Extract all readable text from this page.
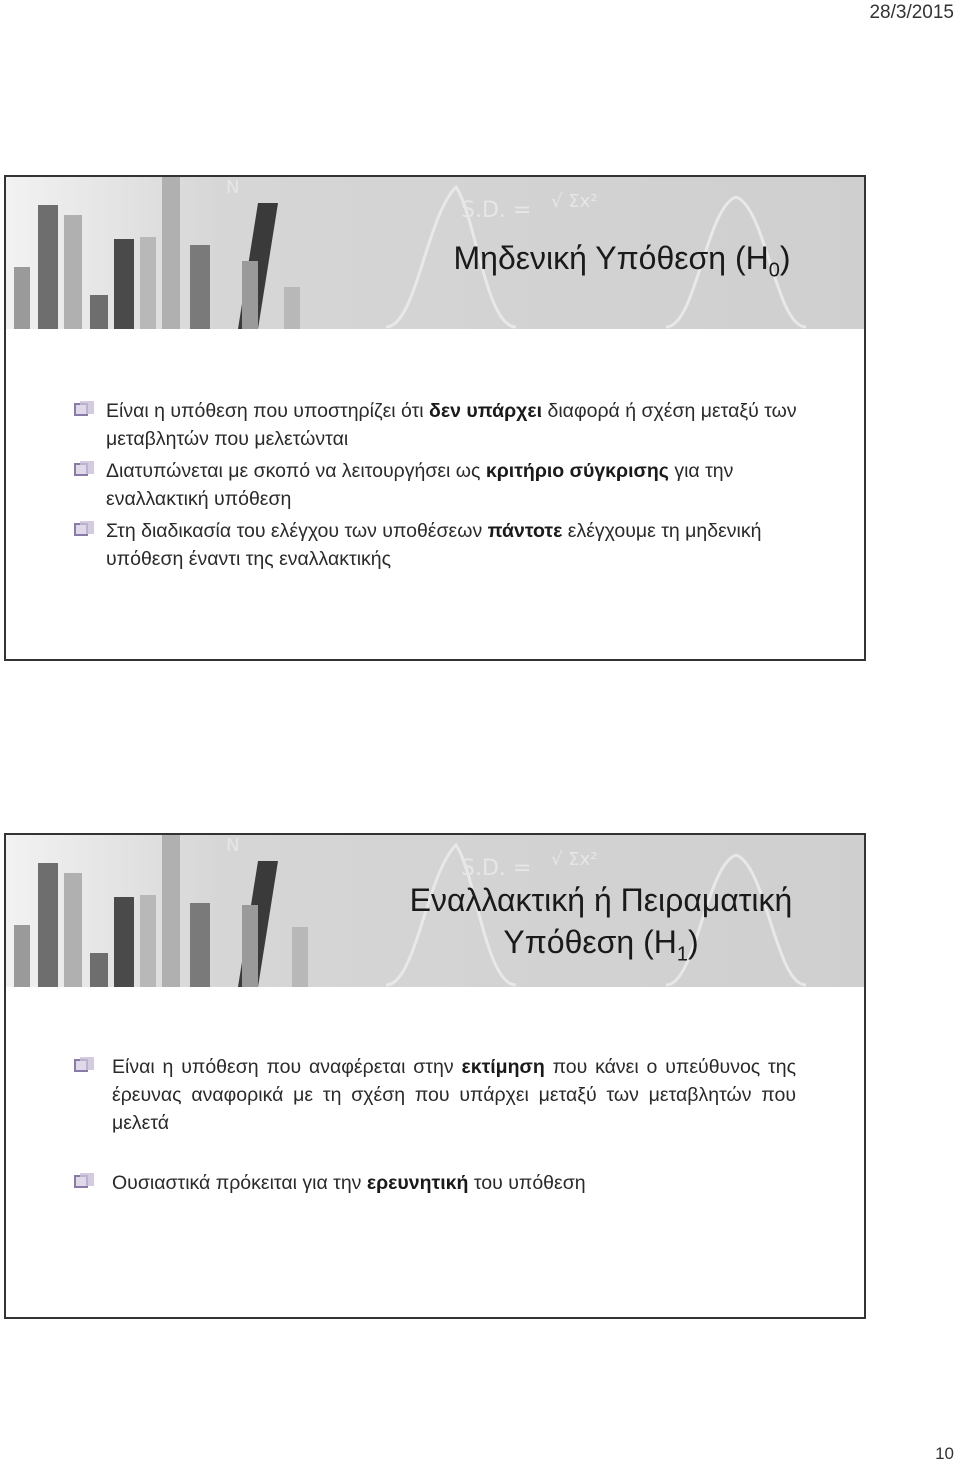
28/3/2015
S.D. = √ Σx²
N
Μηδενική Υπόθεση $(H_0)$
Είναι η υπόθεση που υποστηρίζει ότι δεν υπάρχει διαφορά ή σχέση μεταξύ των μεταβλητών που μελετώνται
Διατυπώνεται με σκοπό να λειτουργήσει ως κριτήριο σύγκρισης για την εναλλακτική υπόθεση
Στη διαδικασία του ελέγχου των υποθέσεων πάντοτε ελέγχουμε τη μηδενική υπόθεση έναντι της εναλλακτικής
S.D. = √ Σx²
N
Εναλλακτική ή Πειραματική
Υπόθεση $(H_1)$
Είναι η υπόθεση που αναφέρεται στην εκτίμηση που κάνει ο υπεύθυνος της έρευνας αναφορικά με τη σχέση που υπάρχει μεταξύ των μεταβλητών που μελετά
Ουσιαστικά πρόκειται για την ερευνητική του υπόθεση
10
